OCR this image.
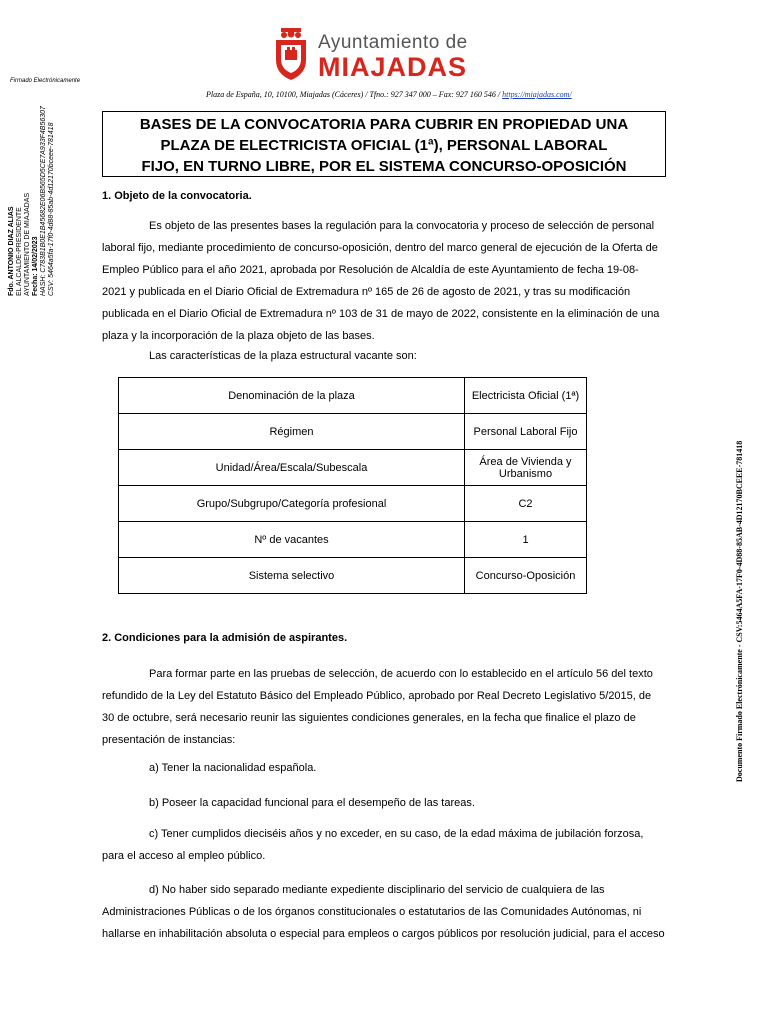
Ayuntamiento de
MIAJADAS
Plaza de España, 10, 10100, Miajadas (Cáceres) / Tfno.: 927 347 000 – Fax: 927 160 546 / https://miajadas.com/
Firmado Electrónicamente
Fdo. ANTONIO DIAZ ALIAS EL ALCALDE-PRESIDENTE AYUNTAMIENTO DE MIAJADAS Fecha: 14/02/2023 HASH: C783B1B0E1B45682E06B565D5CE7A933F4B56307 CSV: 5464a5fa-17f0-4d88-85ab-4d12170bceee-781418
Documento Firmado Electrónicamente - CSV:5464A5FA-17F0-4D88-85AB-4D12170BCEEE-781418
BASES DE LA CONVOCATORIA PARA CUBRIR EN PROPIEDAD UNA
PLAZA DE ELECTRICISTA OFICIAL (1ª), PERSONAL LABORAL
FIJO, EN TURNO LIBRE, POR EL SISTEMA CONCURSO-OPOSICIÓN
1. Objeto de la convocatoria.
Es objeto de las presentes bases la regulación para la convocatoria y proceso de selección de personal
laboral fijo, mediante procedimiento de concurso-oposición, dentro del marco general de ejecución de la Oferta de
Empleo Público para el año 2021, aprobada por Resolución de Alcaldía de este Ayuntamiento de fecha 19-08-
2021 y publicada en el Diario Oficial de Extremadura nº 165 de 26 de agosto de 2021, y tras su modificación
publicada en el Diario Oficial de Extremadura nº 103 de 31 de mayo de 2022, consistente en la eliminación de una
plaza y la incorporación de la plaza objeto de las bases.
Las características de la plaza estructural vacante son:
Denominación de la plaza	Electricista Oficial (1ª)
Régimen	Personal Laboral Fijo
Unidad/Área/Escala/Subescala	Área de Vivienda y Urbanismo
Grupo/Subgrupo/Categoría profesional	C2
Nº de vacantes	1
Sistema selectivo	Concurso-Oposición
2. Condiciones para la admisión de aspirantes.
Para formar parte en las pruebas de selección, de acuerdo con lo establecido en el artículo 56 del texto
refundido de la Ley del Estatuto Básico del Empleado Público, aprobado por Real Decreto Legislativo 5/2015, de
30 de octubre, será necesario reunir las siguientes condiciones generales, en la fecha que finalice el plazo de
presentación de instancias:
a) Tener la nacionalidad española.
b) Poseer la capacidad funcional para el desempeño de las tareas.
c) Tener cumplidos dieciséis años y no exceder, en su caso, de la edad máxima de jubilación forzosa,
para el acceso al empleo público.
d) No haber sido separado mediante expediente disciplinario del servicio de cualquiera de las
Administraciones Públicas o de los órganos constitucionales o estatutarios de las Comunidades Autónomas, ni
hallarse en inhabilitación absoluta o especial para empleos o cargos públicos por resolución judicial, para el acceso
